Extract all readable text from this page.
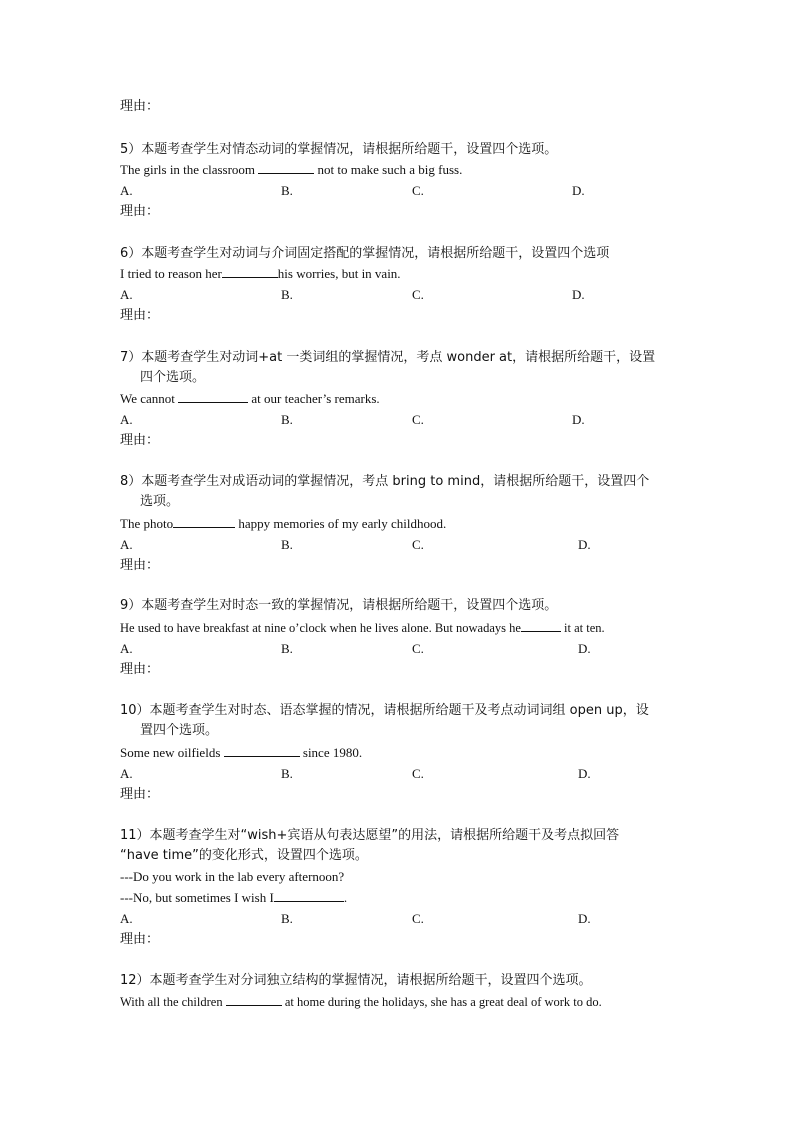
理由：
5）本题考查学生对情态动词的掌握情况，请根据所给题干，设置四个选项。
The girls in the classroom	not to make such a big fuss.
A.	B.	C.	D.
理由：
6）本题考查学生对动词与介词固定搭配的掌握情况，请根据所给题干，设置四个选项
I tried to reason her	his worries, but in vain.
A.	B.	C.	D.
理由：
7）本题考查学生对动词+at 一类词组的掌握情况，考点 wonder at，请根据所给题干，设置
四个选项。
We cannot	at our teacher’s remarks.
A.	B.	C.	D.
理由：
8）本题考查学生对成语动词的掌握情况，考点 bring to mind，请根据所给题干，设置四个
选项。
The photo	happy memories of my early childhood.
A.	B.	C.	D.
理由：
9）本题考查学生对时态一致的掌握情况，请根据所给题干，设置四个选项。
He used to have breakfast at nine o’clock when he lives alone. But nowadays he	it at ten.
A.	B.	C.	D.
理由：
10）本题考查学生对时态、语态掌握的情况，请根据所给题干及考点动词词组 open up，设
置四个选项。
Some new oilfields	since 1980.
A.	B.	C.	D.
理由：
11）本题考查学生对“wish+宾语从句表达愿望”的用法，请根据所给题干及考点拟回答
“have time”的变化形式，设置四个选项。
---Do you work in the lab every afternoon?
---No, but sometimes I wish I	.
A.	B.	C.	D.
理由：
12）本题考查学生对分词独立结构的掌握情况，请根据所给题干，设置四个选项。
With all the children	at home during the holidays, she has a great deal of work to do.
